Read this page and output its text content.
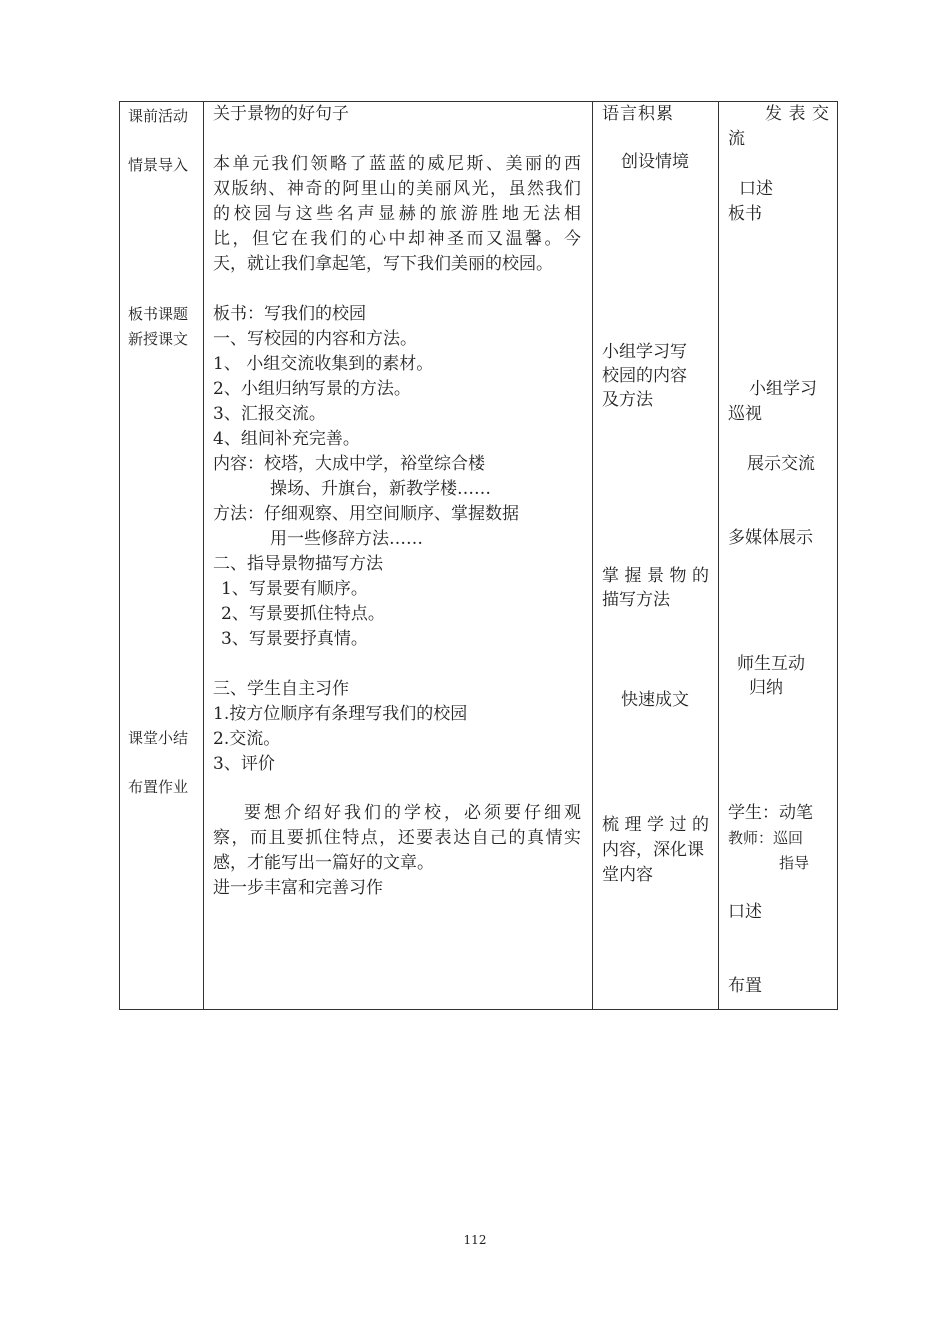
课前活动
情景导入
板书课题
新授课文
课堂小结
布置作业

关于景物的好句子
本 单 元 我 们 领 略 了 蓝 蓝 的 威 尼 斯 、 美 丽 的 西
双 版 纳 、 神 奇 的 阿 里 山 的 美 丽 风 光 ， 虽 然 我 们
的 校 园 与 这 些 名 声 显 赫 的 旅 游 胜 地 无 法 相
比 ， 但 它 在 我 们 的 心 中 却 神 圣 而 又 温 馨 。 今
天，就让我们拿起笔，写下我们美丽的校园。
板书：写我们的校园
一、写校园的内容和方法。
1、 小组交流收集到的素材。
2、小组归纳写景的方法。
3、汇报交流。
4、组间补充完善。
内容：校塔，大成中学，裕堂综合楼
操场、升旗台，新教学楼……
方法：仔细观察、用空间顺序、掌握数据
用一些修辞方法……
二、指导景物描写方法
1、写景要有顺序。
2、写景要抓住特点。
3、写景要抒真情。
三、学生自主习作
1.按方位顺序有条理写我们的校园
2.交流。
3、评价
要 想 介 绍 好 我 们 的 学 校 ， 必 须 要 仔 细 观
察 ， 而 且 要 抓 住 特 点 ， 还 要 表 达 自 己 的 真 情 实
感，才能写出一篇好的文章。
进一步丰富和完善习作

语言积累
创设情境
小组学习写
校园的内容
及方法
掌 握 景 物 的
描写方法
快速成文
梳 理 学 过 的
内容，深化课
堂内容

发 表 交
流
口述
板书
小组学习
巡视
展示交流
多媒体展示
师生互动
归纳
学生：动笔
教师：巡回
指导
口述
布置
112
